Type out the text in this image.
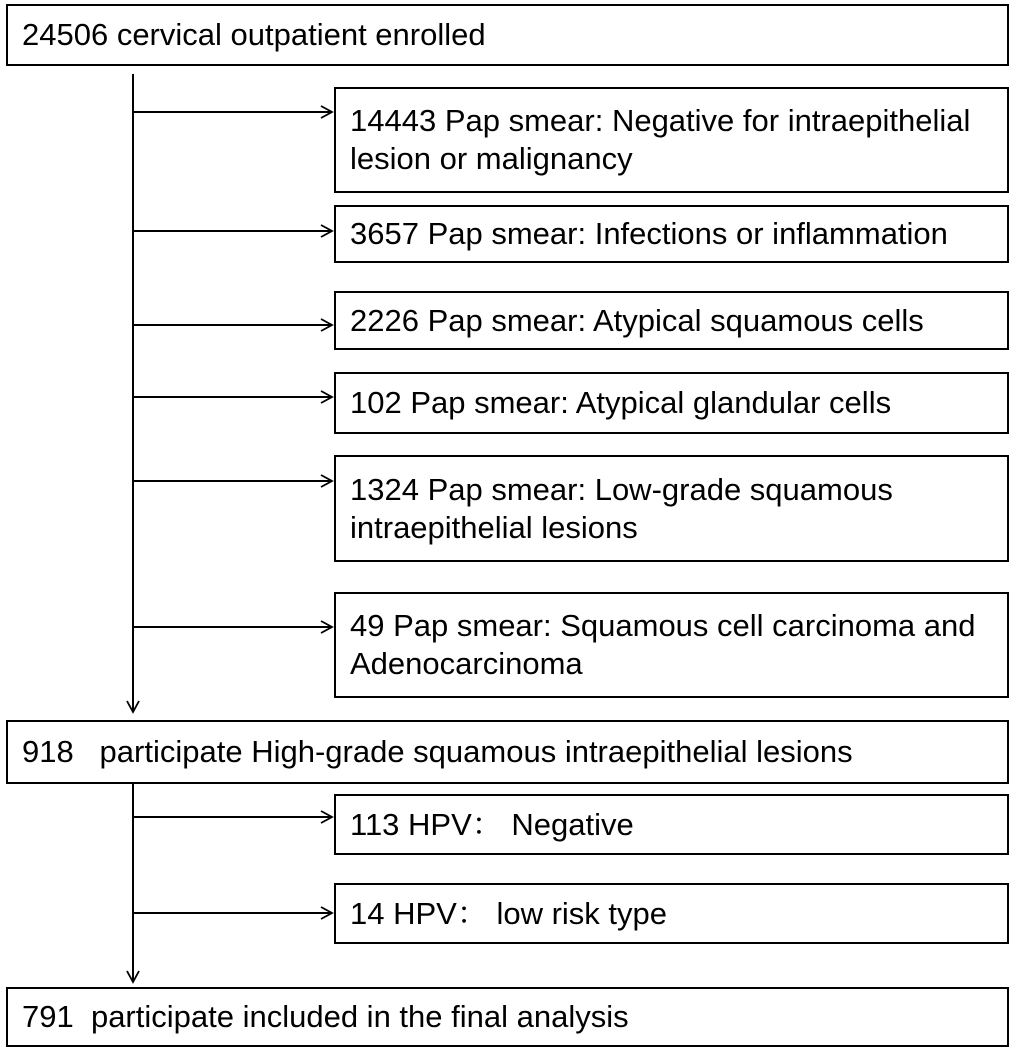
24506 cervical outpatient enrolled
14443 Pap smear: Negative for intraepithelial lesion or malignancy
3657 Pap smear: Infections or inflammation
2226 Pap smear: Atypical squamous cells
102 Pap smear: Atypical glandular cells
1324 Pap smear: Low-grade squamous intraepithelial lesions
49 Pap smear: Squamous cell carcinoma and Adenocarcinoma
918   participate High-grade squamous intraepithelial lesions
113 HPV： Negative
14 HPV： low risk type
791  participate included in the final analysis
